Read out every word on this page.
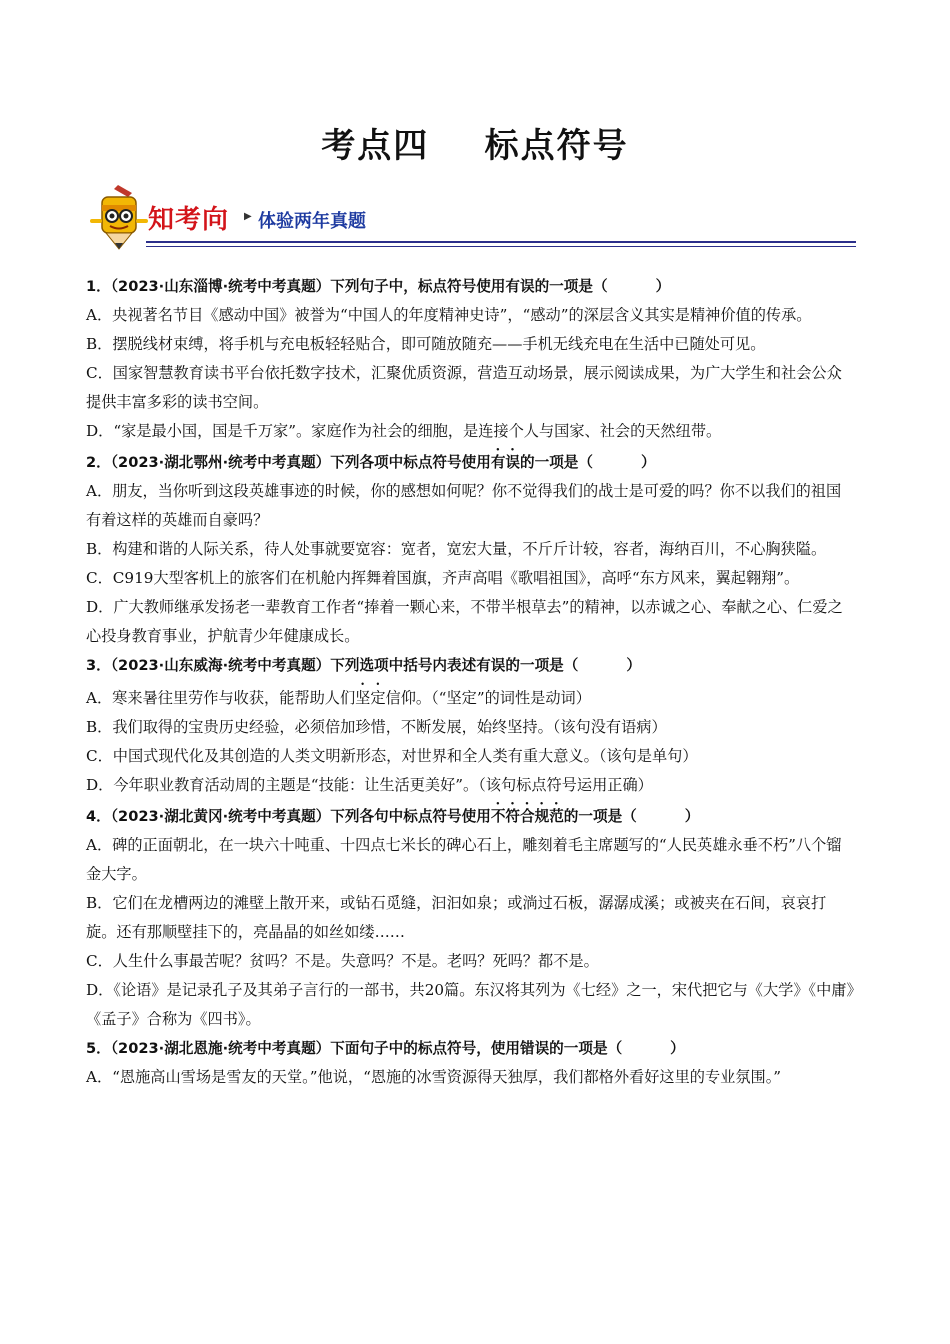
考点四    标点符号
知考向 ▶ 体验两年真题
1．（2023·山东淄博·统考中考真题）下列句子中，标点符号使用有误的一项是（	）

A．央视著名节目《感动中国》被誉为“中国人的年度精神史诗”，“感动”的深层含义其实是精神价值的传承。

B．摆脱线材束缚，将手机与充电板轻轻贴合，即可随放随充——手机无线充电在生活中已随处可见。

C．国家智慧教育读书平台依托数字技术，汇聚优质资源，营造互动场景，展示阅读成果，为广大学生和社会公众提供丰富多彩的读书空间。

D．“家是最小国，国是千万家”。家庭作为社会的细胞，是连接个人与国家、社会的天然纽带。

2．（2023·湖北鄂州·统考中考真题）下列各项中标点符号使用有误的一项是（	）

A．朋友，当你听到这段英雄事迹的时候，你的感想如何呢？你不觉得我们的战士是可爱的吗？你不以我们的祖国有着这样的英雄而自豪吗？

B．构建和谐的人际关系，待人处事就要宽容：宽者，宽宏大量，不斤斤计较，容者，海纳百川，不心胸狭隘。

C．C919大型客机上的旅客们在机舱内挥舞着国旗，齐声高唱《歌唱祖国》，高呼“东方风来，翼起翱翔”。

D．广大教师继承发扬老一辈教育工作者“捧着一颗心来，不带半根草去”的精神，以赤诚之心、奉献之心、仁爱之心投身教育事业，护航青少年健康成长。

3．（2023·山东威海·统考中考真题）下列选项中括号内表述有误的一项是（	）

A．寒来暑往里劳作与收获，能帮助人们坚定信仰。（“坚定”的词性是动词）

B．我们取得的宝贵历史经验，必须倍加珍惜，不断发展，始终坚持。（该句没有语病）

C．中国式现代化及其创造的人类文明新形态，对世界和全人类有重大意义。（该句是单句）

D．今年职业教育活动周的主题是“技能：让生活更美好”。（该句标点符号运用正确）

4．（2023·湖北黄冈·统考中考真题）下列各句中标点符号使用不符合规范的一项是（	）

A．碑的正面朝北，在一块六十吨重、十四点七米长的碑心石上，雕刻着毛主席题写的“人民英雄永垂不朽”八个镏金大字。

B．它们在龙槽两边的滩壁上散开来，或钻石觅缝，汩汩如泉；或淌过石板，潺潺成溪；或被夹在石间，哀哀打旋。还有那顺壁挂下的，亮晶晶的如丝如缕……

C．人生什么事最苦呢？贫吗？不是。失意吗？不是。老吗？死吗？都不是。

D．《论语》是记录孔子及其弟子言行的一部书，共20篇。东汉将其列为《七经》之一，宋代把它与《大学》《中庸》《孟子》合称为《四书》。

5．（2023·湖北恩施·统考中考真题）下面句子中的标点符号，使用错误的一项是（	）

A．“恩施高山雪场是雪友的天堂。”他说，“恩施的冰雪资源得天独厚，我们都格外看好这里的专业氛围。”
